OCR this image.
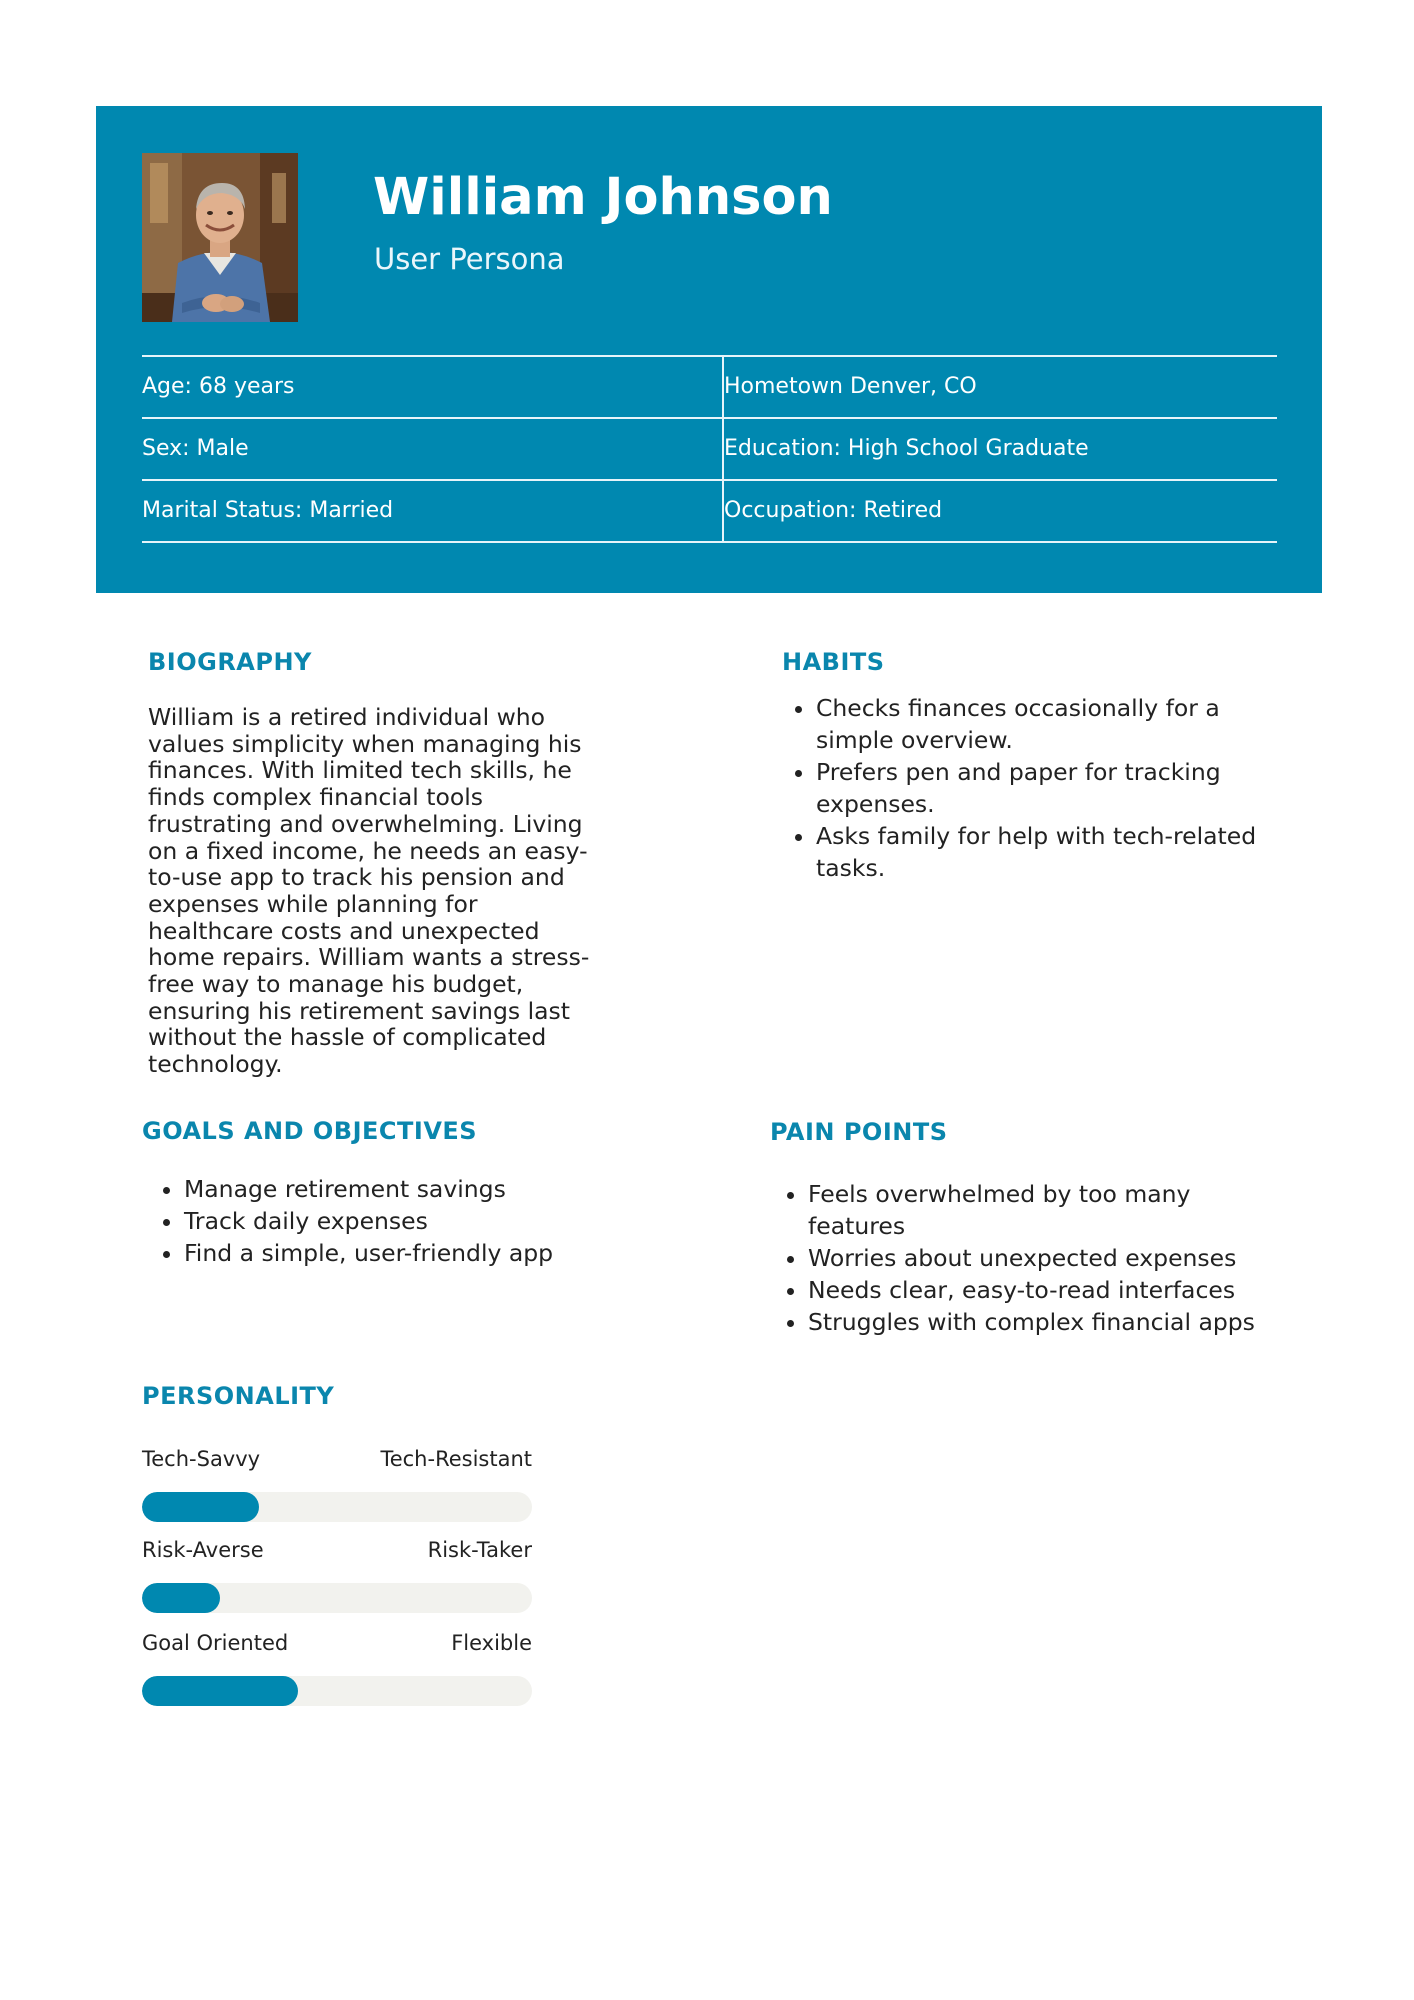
William Johnson
User Persona
Age: 68 years	Hometown Denver, CO
Sex: Male	Education: High School Graduate
Marital Status: Married	Occupation: Retired
BIOGRAPHY

William is a retired individual who values simplicity when managing his finances. With limited tech skills, he finds complex financial tools frustrating and overwhelming. Living on a fixed income, he needs an easy-to-use app to track his pension and expenses while planning for healthcare costs and unexpected home repairs. William wants a stress-free way to manage his budget, ensuring his retirement savings last without the hassle of complicated technology.

HABITS
• Checks finances occasionally for a simple overview.
• Prefers pen and paper for tracking expenses.
• Asks family for help with tech-related tasks.
GOALS AND OBJECTIVES
• Manage retirement savings
• Track daily expenses
• Find a simple, user-friendly app
PAIN POINTS
• Feels overwhelmed by too many features
• Worries about unexpected expenses
• Needs clear, easy-to-read interfaces
• Struggles with complex financial apps
PERSONALITY
Tech-Savvy	Tech-Resistant
Risk-Averse	Risk-Taker
Goal Oriented	Flexible
